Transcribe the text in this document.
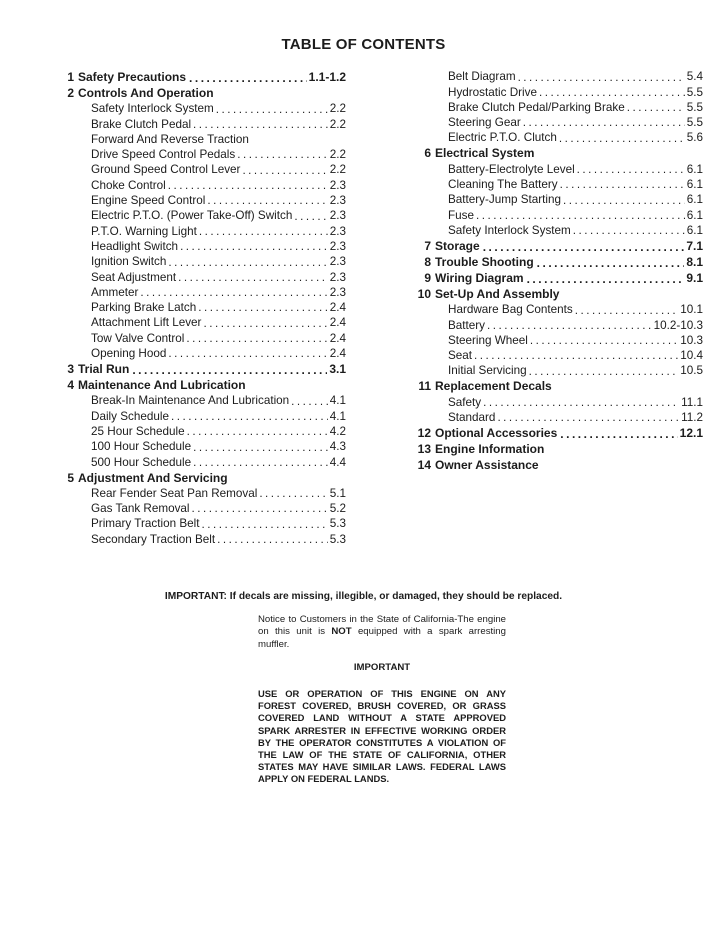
TABLE OF CONTENTS
1 Safety Precautions .....	1.1-1.2
2 Controls And Operation
Safety Interlock System .....	2.2
Brake Clutch Pedal .....	2.2
Forward And Reverse Traction
Drive Speed Control Pedals .....	2.2
Ground Speed Control Lever .....	2.2
Choke Control .....	2.3
Engine Speed Control .....	2.3
Electric P.T.O. (Power Take-Off) Switch .....	2.3
P.T.O. Warning Light .....	2.3
Headlight Switch .....	2.3
Ignition Switch .....	2.3
Seat Adjustment .....	2.3
Ammeter .....	2.3
Parking Brake Latch .....	2.4
Attachment Lift Lever .....	2.4
Tow Valve Control .....	2.4
Opening Hood .....	2.4
3 Trial Run .....	3.1
4 Maintenance And Lubrication
Break-In Maintenance And Lubrication .....	4.1
Daily Schedule .....	4.1
25 Hour Schedule .....	4.2
100 Hour Schedule .....	4.3
500 Hour Schedule .....	4.4
5 Adjustment And Servicing
Rear Fender Seat Pan Removal .....	5.1
Gas Tank Removal .....	5.2
Primary Traction Belt .....	5.3
Secondary Traction Belt .....	5.3
Belt Diagram .....	5.4
Hydrostatic Drive .....	5.5
Brake Clutch Pedal/Parking Brake .....	5.5
Steering Gear .....	5.5
Electric P.T.O. Clutch .....	5.6
6 Electrical System
Battery-Electrolyte Level .....	6.1
Cleaning The Battery .....	6.1
Battery-Jump Starting .....	6.1
Fuse .....	6.1
Safety Interlock System .....	6.1
7 Storage .....	7.1
8 Trouble Shooting .....	8.1
9 Wiring Diagram .....	9.1
10 Set-Up And Assembly
Hardware Bag Contents .....	10.1
Battery .....	10.2-10.3
Steering Wheel .....	10.3
Seat .....	10.4
Initial Servicing .....	10.5
11 Replacement Decals
Safety .....	11.1
Standard .....	11.2
12 Optional Accessories .....	12.1
13 Engine Information
14 Owner Assistance
IMPORTANT: If decals are missing, illegible, or damaged, they should be replaced.
Notice to Customers in the State of California-The engine on this unit is NOT equipped with a spark arresting muffler.
IMPORTANT
USE OR OPERATION OF THIS ENGINE ON ANY FOREST COVERED, BRUSH COVERED, OR GRASS COVERED LAND WITHOUT A STATE APPROVED SPARK ARRESTER IN EFFECTIVE WORKING ORDER BY THE OPERATOR CONSTITUTES A VIOLATION OF THE LAW OF THE STATE OF CALIFORNIA, OTHER STATES MAY HAVE SIMILAR LAWS. FEDERAL LAWS APPLY ON FEDERAL LANDS.
